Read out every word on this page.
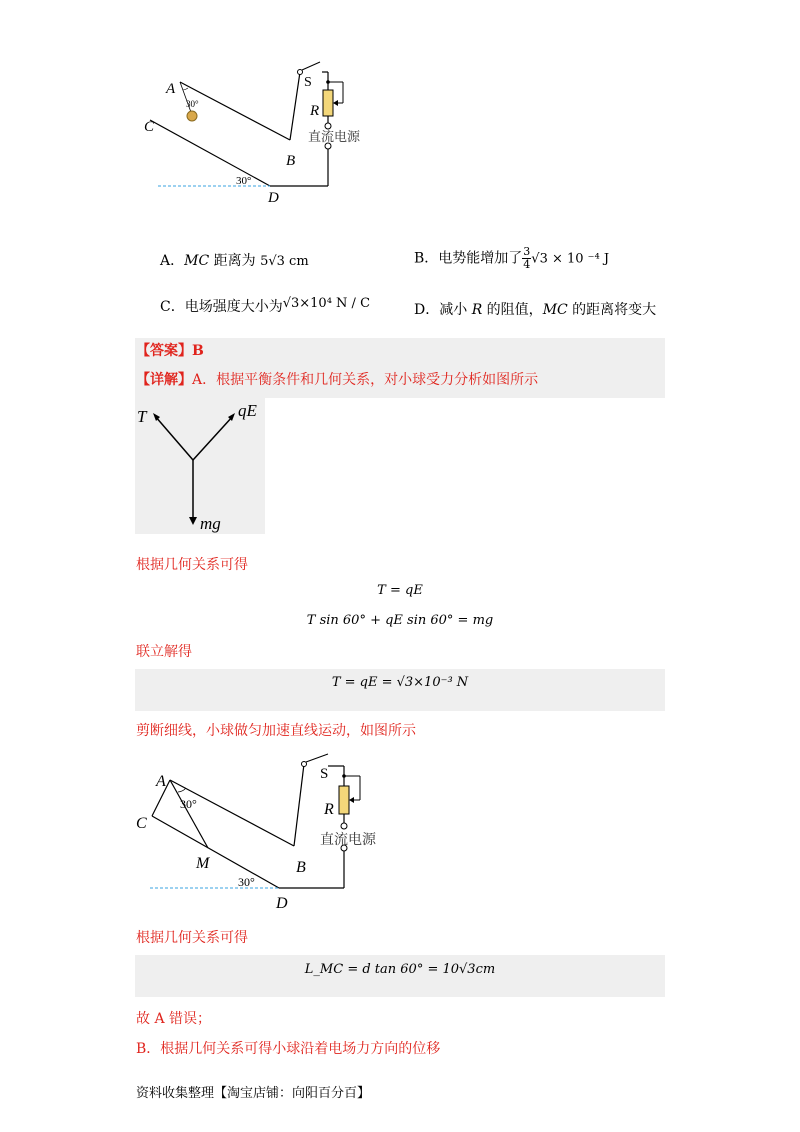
A
C
B
D
S
R
30°
30°
直流电源
A．MC 距离为 5√3 cm	B．电势能增加了 $\frac{3}{4} √3 \times 10$ ⁻⁴ J
C．电场强度大小为√3×10⁴ N / C	D．减小 R 的阻值，MC 的距离将变大
【答案】B
【详解】A．根据平衡条件和几何关系，对小球受力分析如图所示
T	qE
mg
根据几何关系可得
T = qE
T sin 60° + qE sin 60° = mg
联立解得
T = qE = √3×10⁻³ N
剪断细线，小球做匀加速直线运动，如图所示
A
C
M	B
D
S
R
30°
30°
直流电源
根据几何关系可得
L_MC = d tan 60° = 10√3cm
故 A 错误；
B．根据几何关系可得小球沿着电场力方向的位移
资料收集整理【淘宝店铺：向阳百分百】
